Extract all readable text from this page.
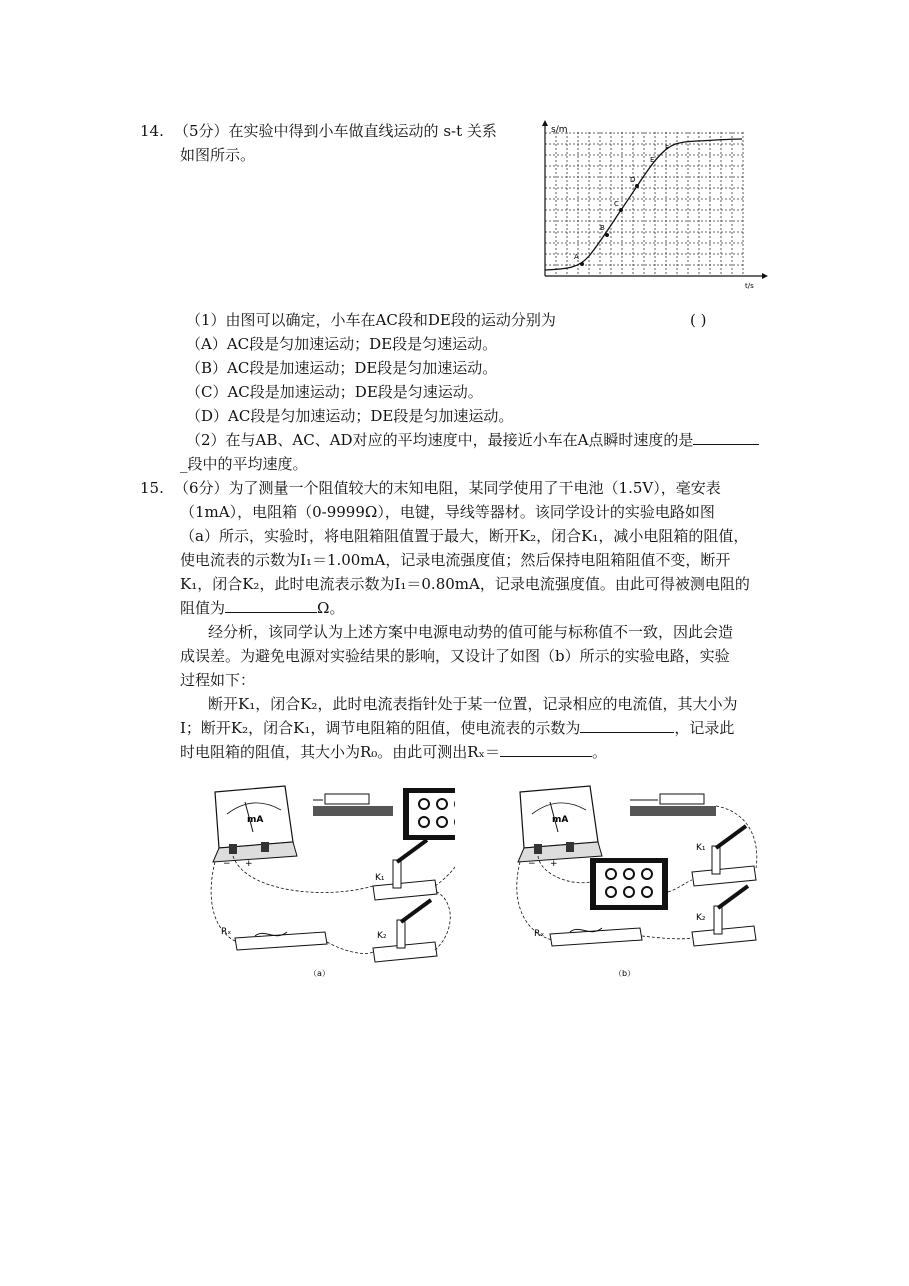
14. （5分）在实验中得到小车做直线运动的 s-t 关系
如图所示。
s/m
t/s
A
B
C
D
E
F
（1）由图可以确定，小车在AC段和DE段的运动分别为	( )
（A）AC段是匀加速运动；DE段是匀速运动。
（B）AC段是加速运动；DE段是匀加速运动。
（C）AC段是加速运动；DE段是匀速运动。
（D）AC段是匀加速运动；DE段是匀加速运动。
（2）在与AB、AC、AD对应的平均速度中，最接近小车在A点瞬时速度的是
_段中的平均速度。
15. （6分）为了测量一个阻值较大的末知电阻，某同学使用了干电池（1.5V），毫安表
（1mA），电阻箱（0-9999Ω），电键，导线等器材。该同学设计的实验电路如图
（a）所示，实验时，将电阻箱阻值置于最大，断开K₂，闭合K₁，减小电阻箱的阻值，
使电流表的示数为I₁＝1.00mA，记录电流强度值；然后保持电阻箱阻值不变，断开
K₁，闭合K₂，此时电流表示数为I₁＝0.80mA，记录电流强度值。由此可得被测电阻的
阻值为	Ω。
经分析，该同学认为上述方案中电源电动势的值可能与标称值不一致，因此会造
成误差。为避免电源对实验结果的影响，又设计了如图（b）所示的实验电路，实验
过程如下：
断开K₁，闭合K₂，此时电流表指针处于某一位置，记录相应的电流值，其大小为
I；断开K₂，闭合K₁，调节电阻箱的阻值，使电流表的示数为	，记录此
时电阻箱的阻值，其大小为R₀。由此可测出Rₓ＝	。
mA
− +
K₁
K₂
Rₓ
（a）
mA
− +
K₁
K₂
Rₓ
（b）
